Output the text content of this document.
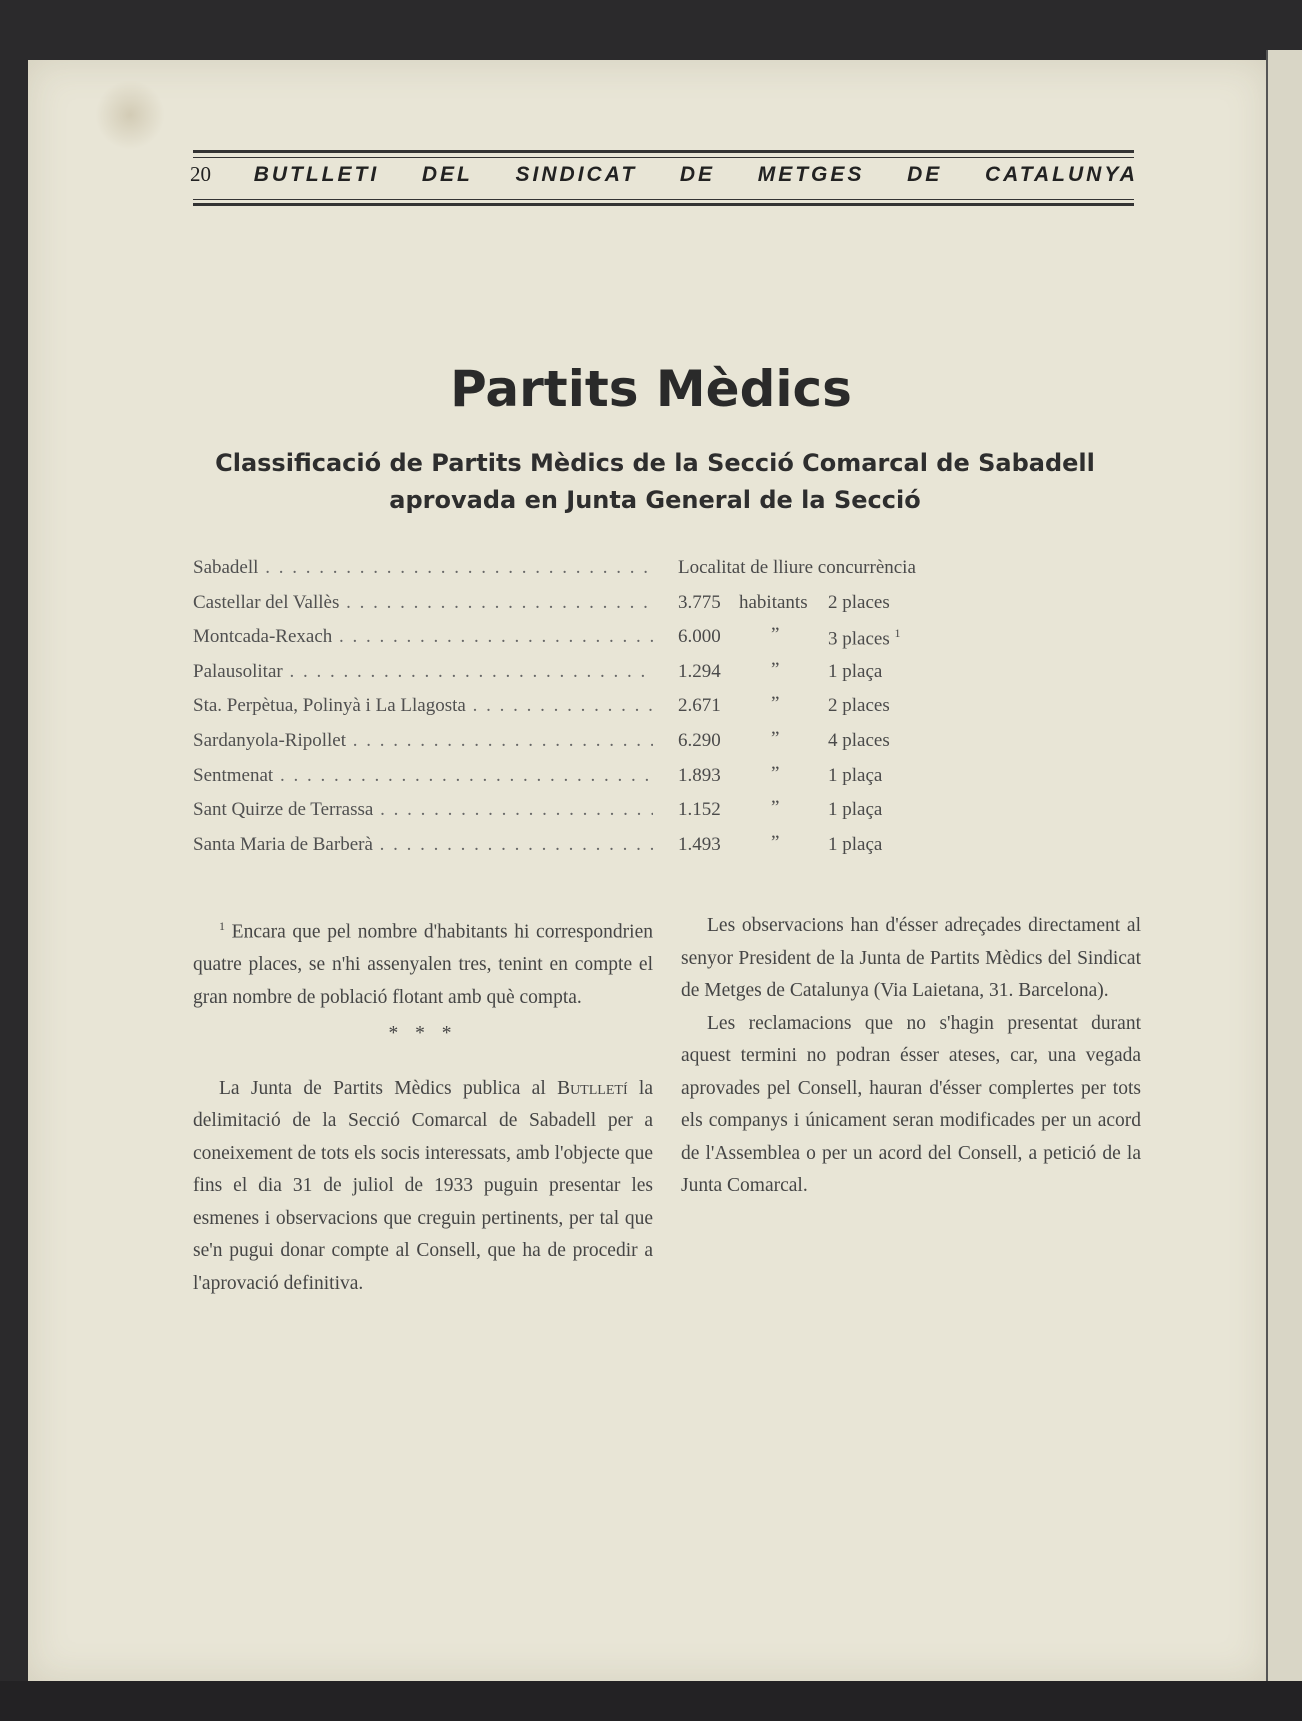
20 BUTLLETI DEL SINDICAT DE METGES DE CATALUNYA
Partits Mèdics
Classificació de Partits Mèdics de la Secció Comarcal de Sabadell
aprovada en Junta General de la Secció
Sabadell . . .	Localitat de lliure concurrència
Castellar del Vallès . . .	3.775 habitants 2 places
Montcada-Rexach . . .	6.000	”	3 places $^1$
Palausolitar . . .	1.294	”	1 plaça
Sta. Perpètua, Polinyà i La Llagosta . . .	2.671	”	2 places
Sardanyola-Ripollet . . .	6.290	”	4 places
Sentmenat . . .	1.893	”	1 plaça
Sant Quirze de Terrassa . . .	1.152	”	1 plaça
Santa Maria de Barberà . . .	1.493	”	1 plaça

$^1$ Encara que pel nombre d'habitants hi correspondrien quatre places, se n'hi assenyalen tres, tenint en compte el gran nombre de població flotant amb què compta.

* * *

La Junta de Partits Mèdics publica al Butlletí la delimitació de la Secció Comarcal de Sabadell per a coneixement de tots els socis interessats, amb l'objecte que fins el dia 31 de juliol de 1933 puguin presentar les esmenes i observacions que creguin pertinents, per tal que se'n pugui donar compte al Consell, que ha de procedir a l'aprovació definitiva.

Les observacions han d'ésser adreçades directament al senyor President de la Junta de Partits Mèdics del Sindicat de Metges de Catalunya (Via Laietana, 31. Barcelona).

Les reclamacions que no s'hagin presentat durant aquest termini no podran ésser ateses, car, una vegada aprovades pel Consell, hauran d'ésser complertes per tots els companys i únicament seran modificades per un acord de l'Assemblea o per un acord del Consell, a petició de la Junta Comarcal.
